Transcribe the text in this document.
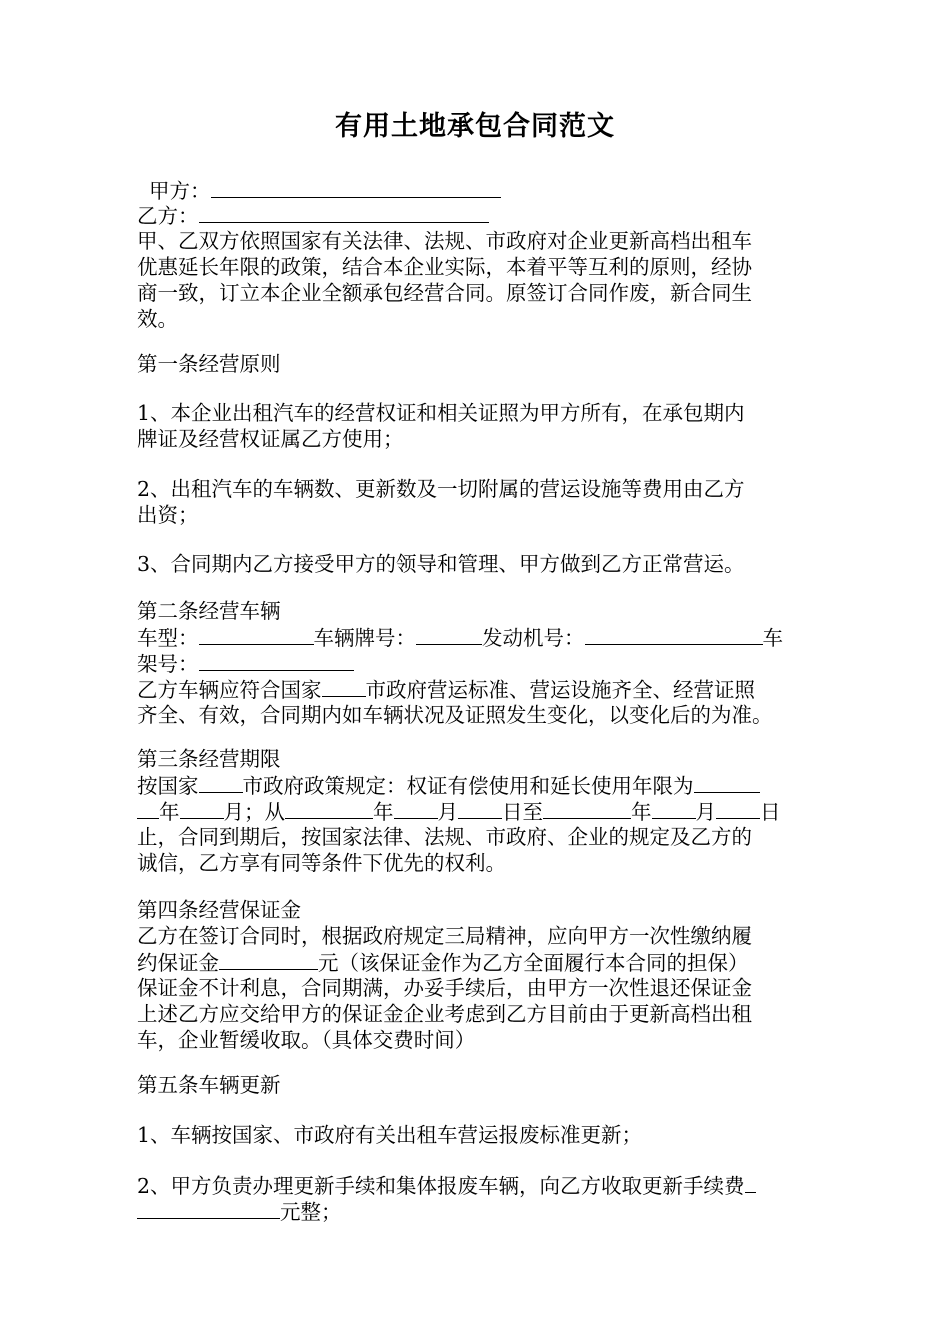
有用土地承包合同范文

甲方：

乙方：

甲、乙双方依照国家有关法律、法规、市政府对企业更新高档出租车

优惠延长年限的政策，结合本企业实际，本着平等互利的原则，经协

商一致，订立本企业全额承包经营合同。原签订合同作废，新合同生

效。

第一条经营原则

1、本企业出租汽车的经营权证和相关证照为甲方所有，在承包期内

牌证及经营权证属乙方使用；

2、出租汽车的车辆数、更新数及一切附属的营运设施等费用由乙方

出资；

3、合同期内乙方接受甲方的领导和管理、甲方做到乙方正常营运。

第二条经营车辆

车型：	车辆牌号：	发动机号：	车

架号：

乙方车辆应符合国家 市政府营运标准、营运设施齐全、经营证照

齐全、有效，合同期内如车辆状况及证照发生变化，以变化后的为准。

第三条经营期限

按国家 市政府政策规定：权证有偿使用和延长使用年限为

年 月；从	年 月 日至	年 月 日

止，合同到期后，按国家法律、法规、市政府、企业的规定及乙方的

诚信，乙方享有同等条件下优先的权利。

第四条经营保证金

乙方在签订合同时，根据政府规定三局精神，应向甲方一次性缴纳履

约保证金	元（该保证金作为乙方全面履行本合同的担保）

保证金不计利息，合同期满，办妥手续后，由甲方一次性退还保证金

上述乙方应交给甲方的保证金企业考虑到乙方目前由于更新高档出租

车，企业暂缓收取。（具体交费时间）

第五条车辆更新

1、车辆按国家、市政府有关出租车营运报废标准更新；

2、甲方负责办理更新手续和集体报废车辆，向乙方收取更新手续费

元整；
